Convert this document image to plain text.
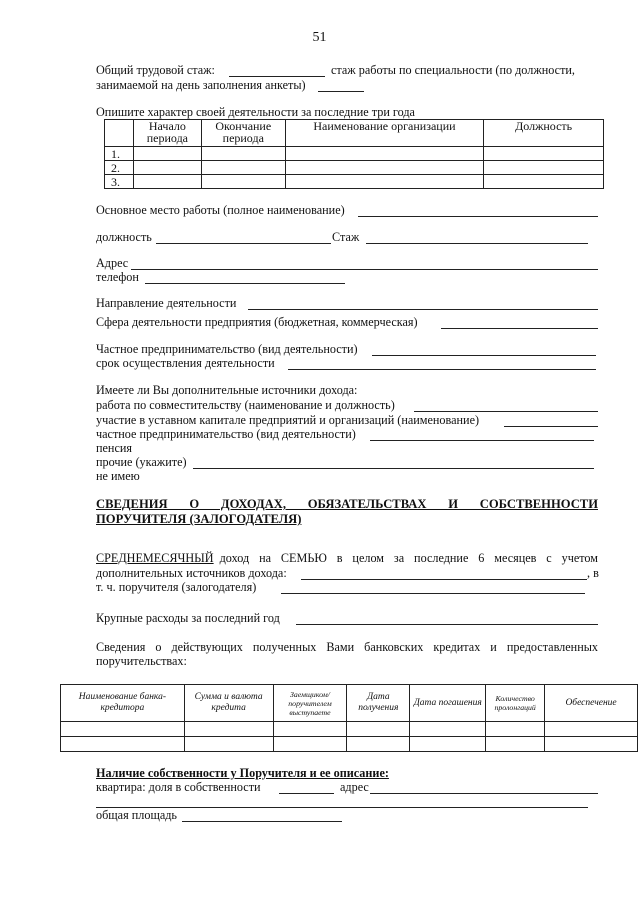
51
Общий трудовой стаж:	стаж работы по специальности (по должности,
занимаемой на день заполнения анкеты)
Опишите характер своей деятельности за последние три года
	Начало периода	Окончание периода	Наименование организации	Должность
1.				
2.				
3.				
Основное место работы (полное наименование)
должность	Стаж
Адрес
телефон
Направление деятельности
Сфера деятельности предприятия (бюджетная, коммерческая)
Частное предпринимательство (вид деятельности)
срок осуществления деятельности
Имеете ли Вы дополнительные источники дохода:
работа по совместительству (наименование и должность)
участие в уставном капитале предприятий и организаций (наименование)
частное предпринимательство (вид деятельности)
пенсия
прочие (укажите)
не имею
СВЕДЕНИЯ О ДОХОДАХ, ОБЯЗАТЕЛЬСТВАХ И СОБСТВЕННОСТИ
ПОРУЧИТЕЛЯ (ЗАЛОГОДАТЕЛЯ)
СРЕДНЕМЕСЯЧНЫЙ доход на СЕМЬЮ в целом за последние 6 месяцев с учетом
дополнительных источников дохода:	, в
т. ч. поручителя (залогодателя)
Крупные расходы за последний год
Сведения о действующих полученных Вами банковских кредитах и предоставленных
поручительствах:
Наименование банка-кредитора	Сумма и валюта кредита	Заемщиком/ поручителем выступаете	Дата получения	Дата погашения	Количество пролонгаций	Обеспечение

Наличие собственности у Поручителя и ее описание:
квартира: доля в собственности	адрес
общая площадь
